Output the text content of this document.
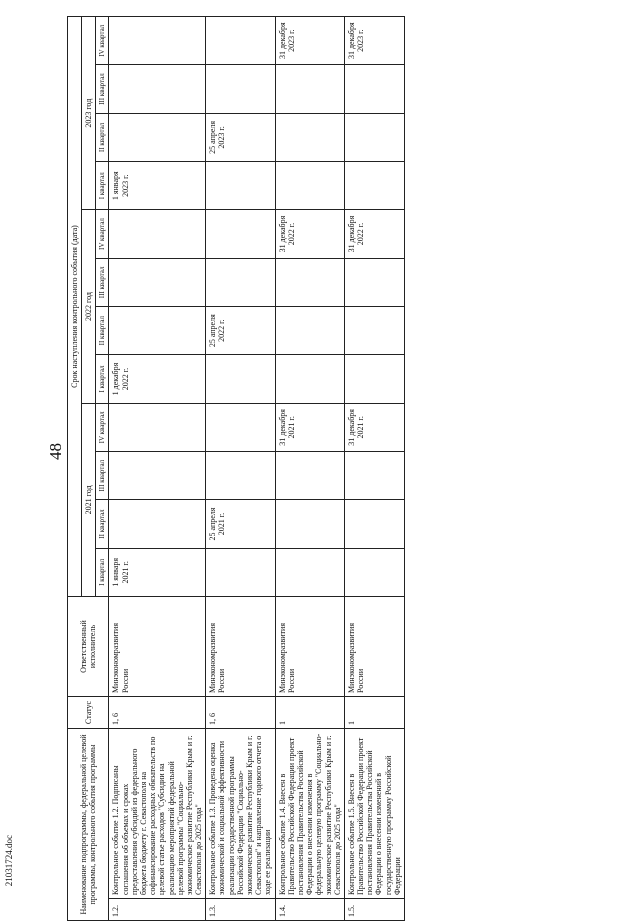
48
21031724.doc	Наименование подпрограммы, федеральной целевой программы, контрольного события программы		Статус	Ответственный исполнитель	Срок наступления контрольного события (дата)											
				2021 год				2022 год				2023 год			
				I квартал	II квартал	III квартал	IV квартал	I квартал	II квартал	III квартал	IV квартал	I квартал	II квартал	III квартал	IV квартал
1.2.	Контрольное событие 1.2. Подписаны соглашения об объемах и сроках предоставления субсидий из федерального бюджета бюджету г. Севастополя на софинансирование расходных обязательств по целевой статье расходов "Субсидии на реализацию мероприятий федеральной целевой программы "Социально-экономическое развитие Республики Крым и г. Севастополя до 2025 года"	1, 6	Минэкономразвития России	1 января 2021 г.				1 декабря 2022 г.				1 января 2023 г.			
1.3.	Контрольное событие 1.3. Проведена оценка экономической и социальной эффективности реализации государственной программы Российской Федерации "Социально-экономическое развитие Республики Крым и г. Севастополя" и направление годового отчета о ходе ее реализации	1, 6	Минэкономразвития России		25 апреля 2021 г.				25 апреля 2022 г.				25 апреля 2023 г.		
1.4.	Контрольное событие 1.4. Внесен в Правительство Российской Федерации проект постановления Правительства Российской Федерации о внесении изменения в федеральную целевую программу "Социально-экономическое развитие Республики Крым и г. Севастополя до 2025 года"	1	Минэкономразвития России				31 декабря 2021 г.				31 декабря 2022 г.				31 декабря 2023 г.
1.5.	Контрольное событие 1.5. Внесен в Правительство Российской Федерации проект постановления Правительства Российской Федерации о внесении изменений в государственную программу Российской Федерации	1	Минэкономразвития России				31 декабря 2021 г.				31 декабря 2022 г.				31 декабря 2023 г.
